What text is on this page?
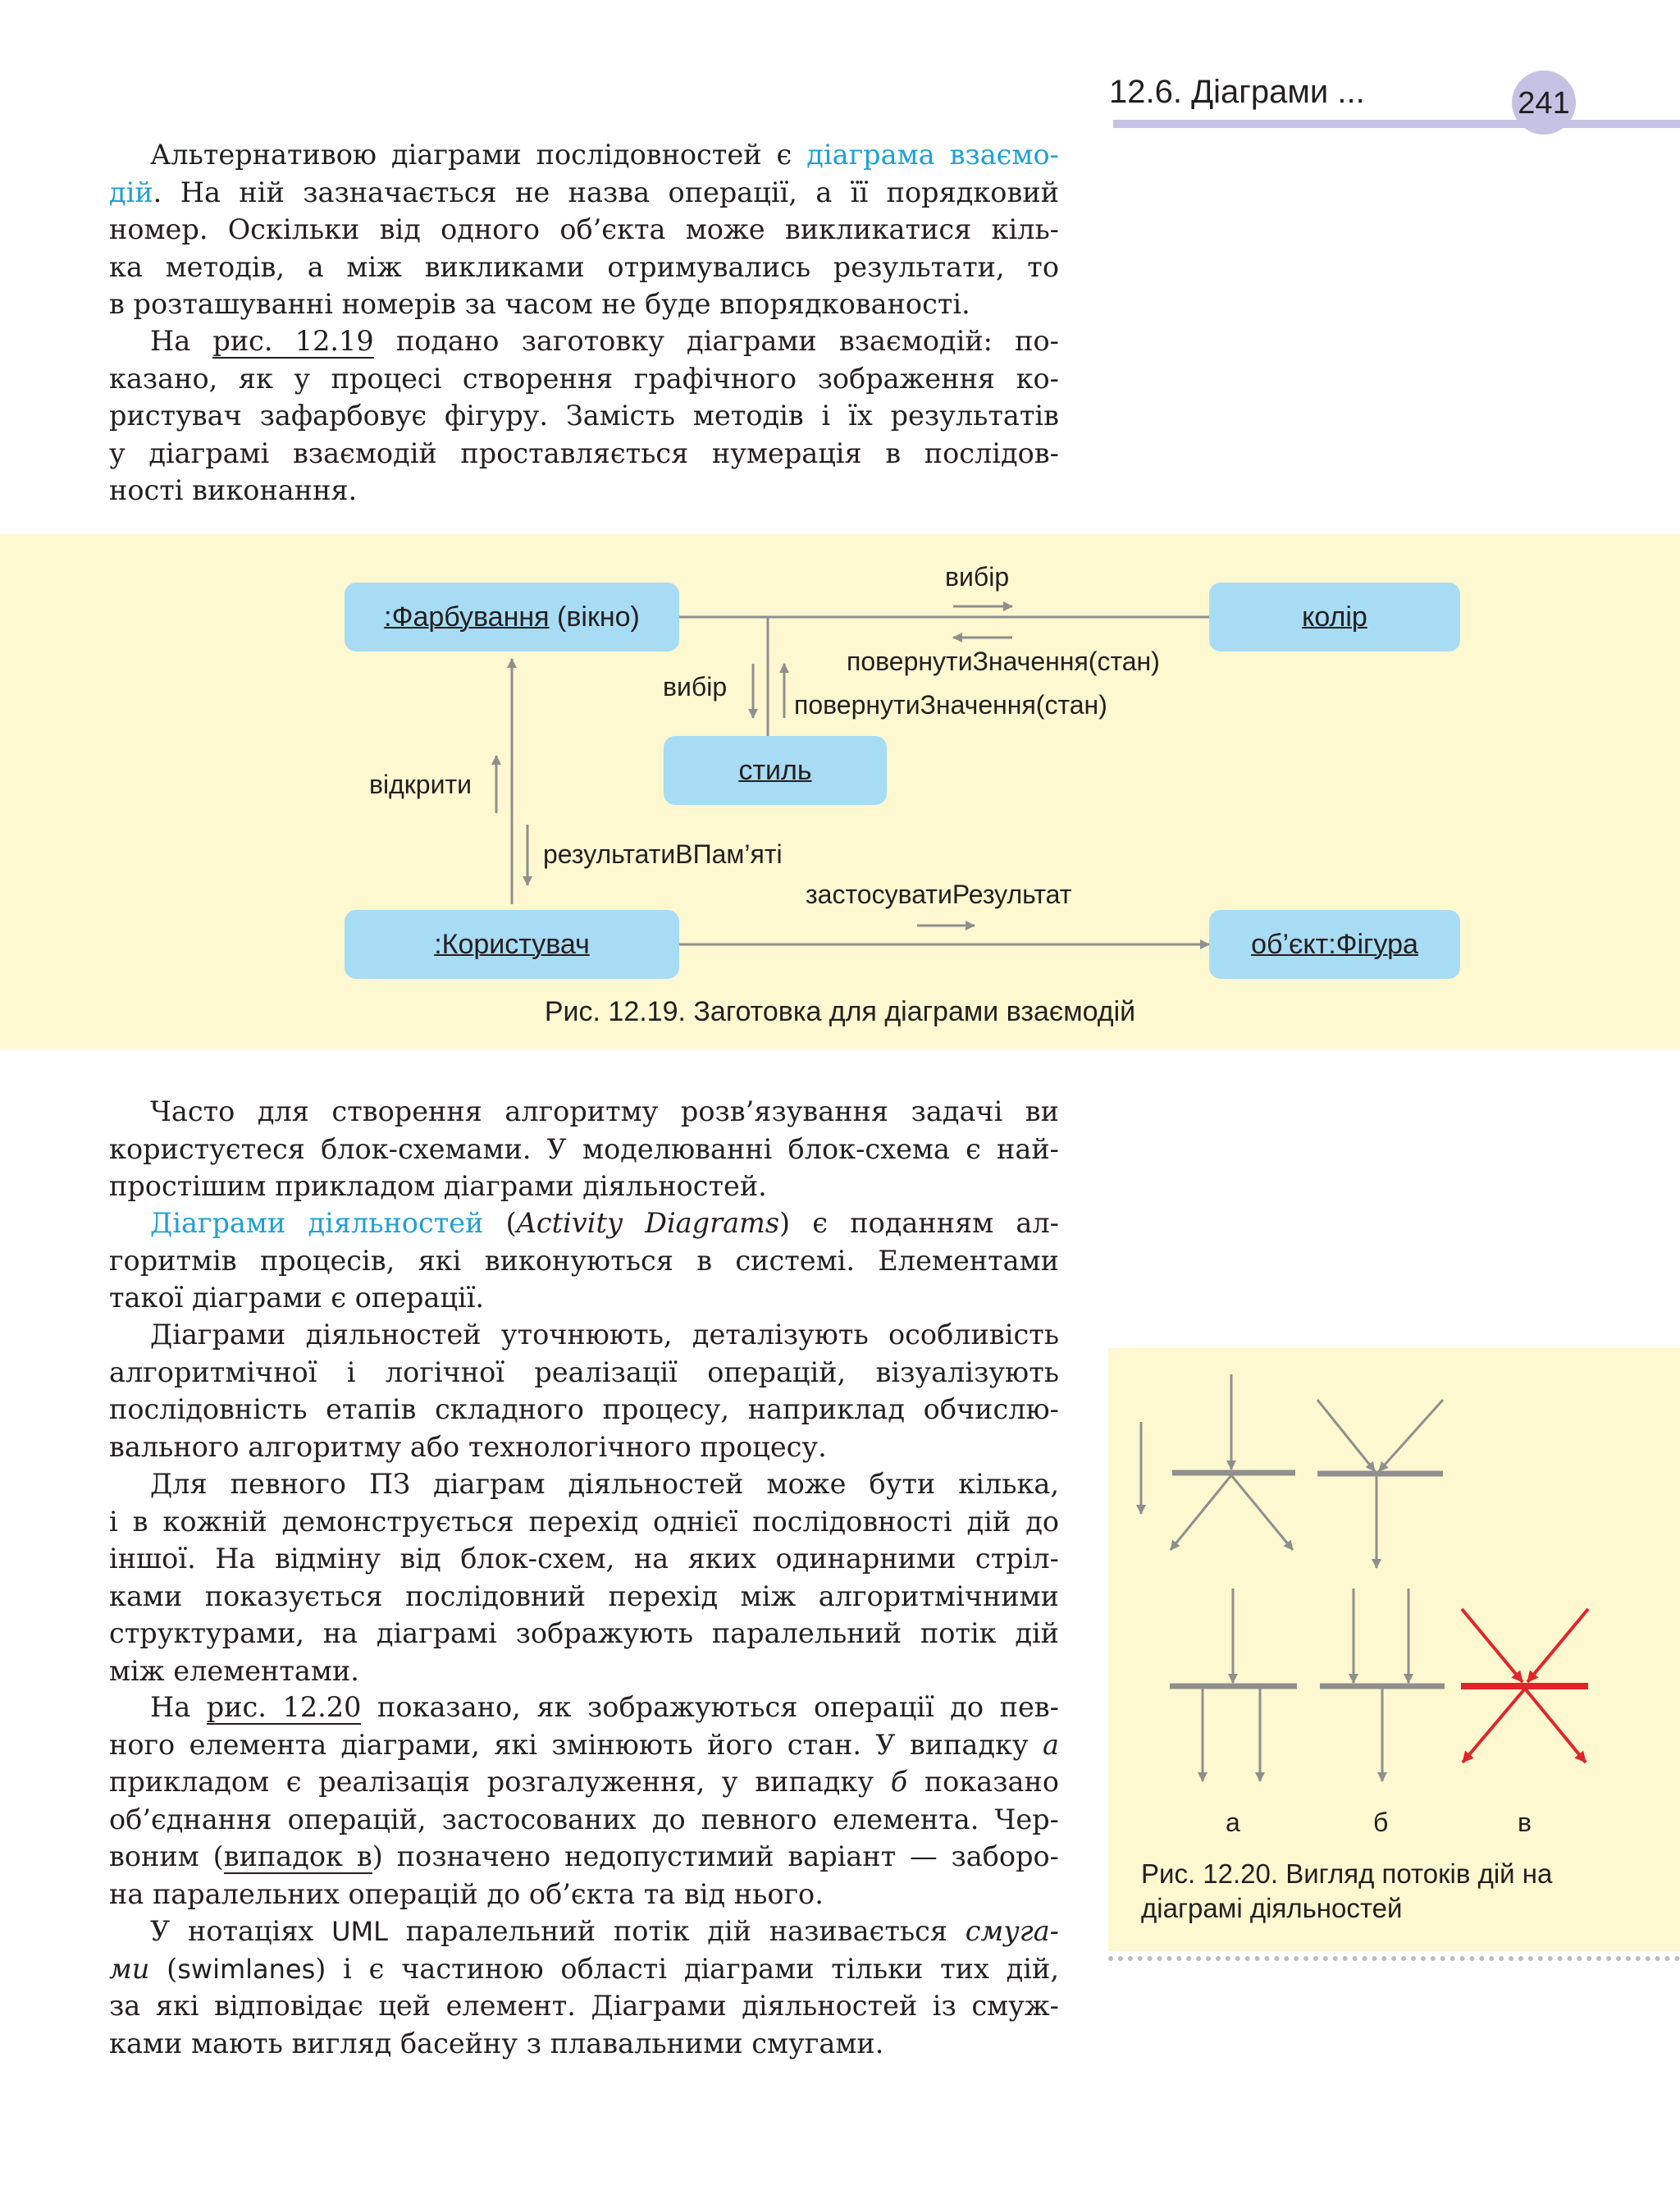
12.6. Діаграми ...	241
Альтернативою діаграми послідовностей є діаграма взаємо-
дій. На ній зазначається не назва операції, а її порядковий
номер. Оскільки від одного об’єкта може викликатися кіль-
ка методів, а між викликами отримувались результати, то
в розташуванні номерів за часом не буде впорядкованості.
На рис. 12.19 подано заготовку діаграми взаємодій: по-
казано, як у процесі створення графічного зображення ко-
ристувач зафарбовує фігуру. Замість методів і їх результатів
у діаграмі взаємодій проставляється нумерація в послідов-
ності виконання.
:Фарбування (вікно)	колір
стиль
:Користувач	об’єкт:Фігура
вибір
повернутиЗначення(стан)
вибір
повернутиЗначення(стан)
відкрити
результатиВПам’яті
застосуватиРезультат
Рис. 12.19. Заготовка для діаграми взаємодій
Часто для створення алгоритму розв’язування задачі ви
користуєтеся блок-схемами. У моделюванні блок-схема є най-
простішим прикладом діаграми діяльностей.
Діаграми діяльностей (Activity Diagrams) є поданням ал-
горитмів процесів, які виконуються в системі. Елементами
такої діаграми є операції.
Діаграми діяльностей уточнюють, деталізують особливість
алгоритмічної і логічної реалізації операцій, візуалізують
послідовність етапів складного процесу, наприклад обчислю-
вального алгоритму або технологічного процесу.
Для певного ПЗ діаграм діяльностей може бути кілька,
і в кожній демонструється перехід однієї послідовності дій до
іншої. На відміну від блок-схем, на яких одинарними стріл-
ками показується послідовний перехід між алгоритмічними
структурами, на діаграмі зображують паралельний потік дій
між елементами.
На рис. 12.20 показано, як зображуються операції до пев-
ного елемента діаграми, які змінюють його стан. У випадку а
прикладом є реалізація розгалуження, у випадку б показано
об’єднання операцій, застосованих до певного елемента. Чер-
воним (випадок в) позначено недопустимий варіант — заборо-
на паралельних операцій до об’єкта та від нього.
У нотаціях UML паралельний потік дій називається смуга-
ми (swimlanes) і є частиною області діаграми тільки тих дій,
за які відповідає цей елемент. Діаграми діяльностей із смуж-
ками мають вигляд басейну з плавальними смугами.
а	б	в
Рис. 12.20. Вигляд потоків дій на
діаграмі діяльностей
